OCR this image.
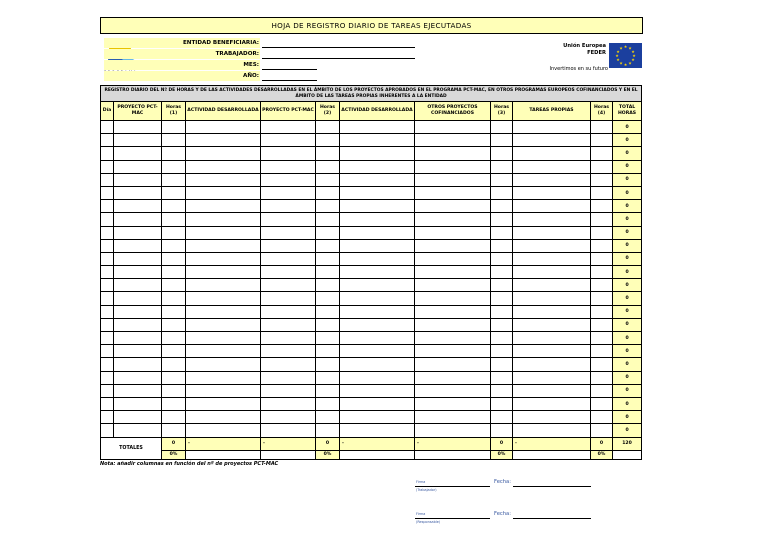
HOJA DE REGISTRO DIARIO DE TAREAS EJECUTADAS
ENTIDAD BENEFICIARIA:
TRABAJADOR:
MES:
AÑO:
Unión Europea
FEDER
★ ★
★
★
★
★
★
★
★
★
★
★
Invertimos en su futuro
REGISTRO DIARIO DEL Nº DE HORAS Y DE LAS ACTIVIDADES DESARROLLADAS EN EL ÁMBITO DE LOS PROYECTOS APROBADOS EN EL PROGRAMA PCT-MAC, EN OTROS PROGRAMAS EUROPEOS COFINANCIADOS Y EN EL ÁMBITO DE LAS TAREAS PROPIAS INHERENTES A LA ENTIDAD											
Día	PROYECTO PCT-MAC	Horas (1)	ACTIVIDAD DESARROLLADA	PROYECTO PCT-MAC	Horas (2)	ACTIVIDAD DESARROLLADA	OTROS PROYECTOS COFINANCIADOS	Horas (3)	TAREAS PROPIAS	Horas (4)	TOTAL HORAS
											0
											0
											0
											0
											0
											0
											0
											0
											0
											0
											0
											0
											0
											0
											0
											0
											0
											0
											0
											0
											0
											0
											0
											0
TOTALES		0	-	-	0	-	-	0	-	0	120
		0%			0%			0%		0%	
Nota: añadir columnas en función del nº de proyectos PCT-MAC
Firma
(Trabajador)
Fecha:
Firma
(Responsable)
Fecha:
